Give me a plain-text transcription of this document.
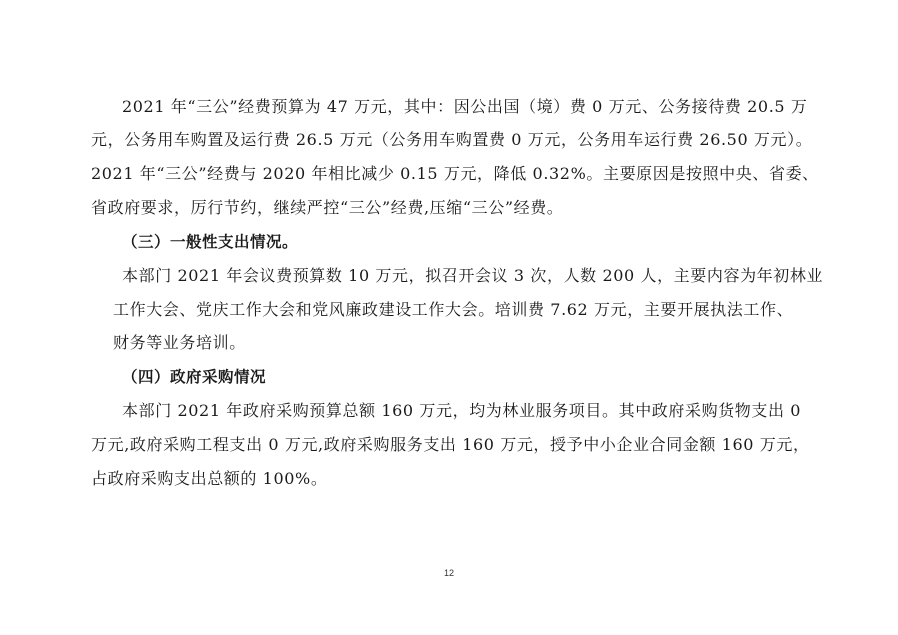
2021 年“三公”经费预算为 47 万元，其中：因公出国（境）费 0 万元、公务接待费 20.5 万
元，公务用车购置及运行费 26.5 万元（公务用车购置费 0 万元，公务用车运行费 26.50 万元）。
2021 年“三公”经费与 2020 年相比减少 0.15 万元，降低 0.32%。主要原因是按照中央、省委、
省政府要求，厉行节约，继续严控“三公”经费,压缩“三公”经费。
（三）一般性支出情况。
本部门 2021 年会议费预算数 10 万元，拟召开会议 3 次，人数 200 人，主要内容为年初林业
工作大会、党庆工作大会和党风廉政建设工作大会。培训费 7.62 万元，主要开展执法工作、
财务等业务培训。
（四）政府采购情况
本部门 2021 年政府采购预算总额 160 万元，均为林业服务项目。其中政府采购货物支出 0
万元,政府采购工程支出 0 万元,政府采购服务支出 160 万元，授予中小企业合同金额 160 万元，
占政府采购支出总额的 100%。
12
